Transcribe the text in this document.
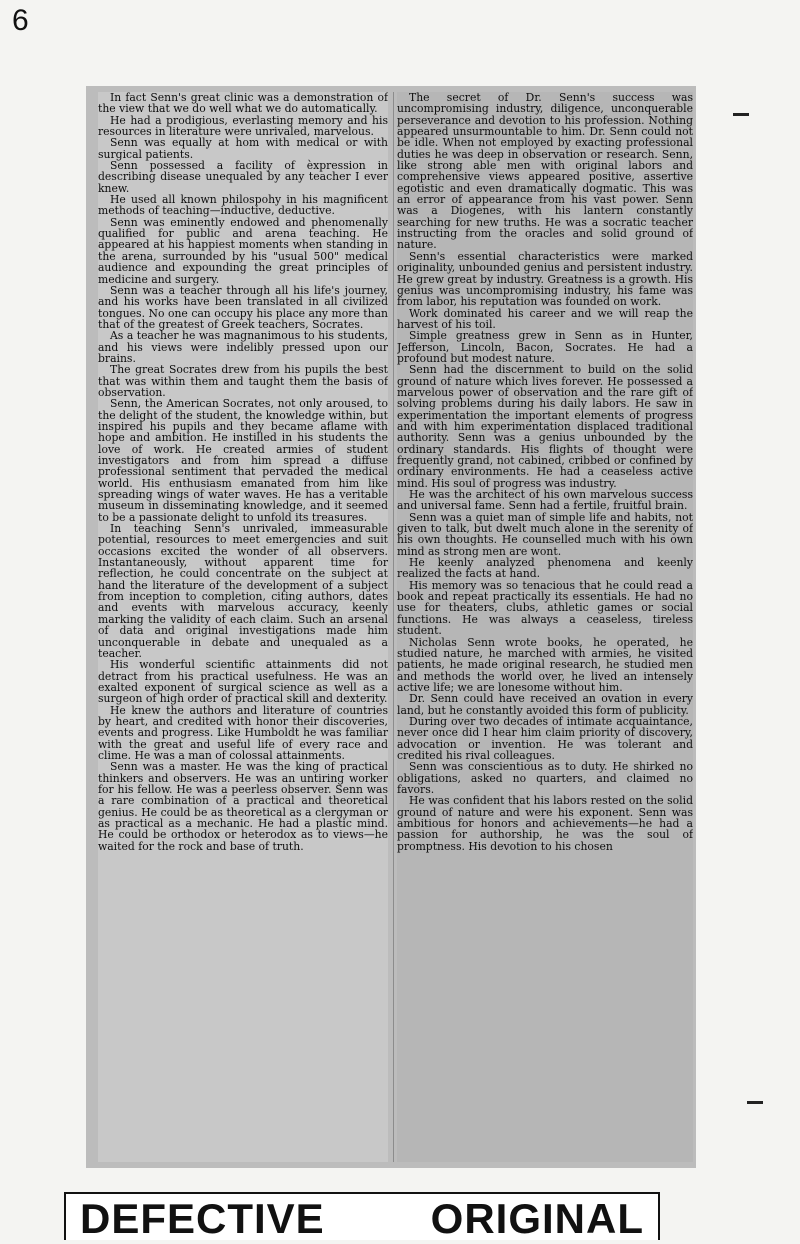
6

In fact Senn's great clinic was a demonstration of the view that we do well what we do automatically.

He had a prodigious, everlasting memory and his resources in literature were unrivaled, marvelous.

Senn was equally at hom with medical or with surgical patients.

Senn possessed a facility of èxpression in describing disease unequaled by any teacher I ever knew.

He used all known philospohy in his magnificent methods of teaching—inductive, deductive.

Senn was eminently endowed and phenomenally qualified for public and arena teaching. He appeared at his happiest moments when standing in the arena, surrounded by his "usual 500" medical audience and expounding the great principles of medicine and surgery.

Senn was a teacher through all his life's journey, and his works have been translated in all civilized tongues. No one can occupy his place any more than that of the greatest of Greek teachers, Socrates.

As a teacher he was magnanimous to his students, and his views were indelibly pressed upon our brains.

The great Socrates drew from his pupils the best that was within them and taught them the basis of observation.

Senn, the American Socrates, not only aroused, to the delight of the student, the knowledge within, but inspired his pupils and they became aflame with hope and ambition. He instilled in his students the love of work. He created armies of student investigators and from him spread a diffuse professional sentiment that pervaded the medical world. His enthusiasm emanated from him like spreading wings of water waves. He has a veritable museum in disseminating knowledge, and it seemed to be a passionate delight to unfold its treasures.

In teaching Senn's unrivaled, immeasurable potential, resources to meet emergencies and suit occasions excited the wonder of all observers. Instantaneously, without apparent time for reflection, he could concentrate on the subject at hand the literature of the development of a subject from inception to completion, citing authors, dates and events with marvelous accuracy, keenly marking the validity of each claim. Such an arsenal of data and original investigations made him unconquerable in debate and unequaled as a teacher.

His wonderful scientific attainments did not detract from his practical usefulness. He was an exalted exponent of surgical science as well as a surgeon of high order of practical skill and dexterity.

He knew the authors and literature of countries by heart, and credited with honor their discoveries, events and progress. Like Humboldt he was familiar with the great and useful life of every race and clime. He was a man of colossal attainments.

Senn was a master. He was the king of practical thinkers and observers. He was an untiring worker for his fellow. He was a peerless observer. Senn was a rare combination of a practical and theoretical genius. He could be as theoretical as a clergyman or as practical as a mechanic. He had a plastic mind. He could be orthodox or heterodox as to views—he waited for the rock and base of truth.

The secret of Dr. Senn's success was uncompromising industry, diligence, unconquerable perseverance and devotion to his profession. Nothing appeared unsurmountable to him. Dr. Senn could not be idle. When not employed by exacting professional duties he was deep in observation or research. Senn, like strong able men with original labors and comprehensive views appeared positive, assertive egotistic and even dramatically dogmatic. This was an error of appearance from his vast power. Senn was a Diogenes, with his lantern constantly searching for new truths. He was a socratic teacher instructing from the oracles and solid ground of nature.

Senn's essential characteristics were marked originality, unbounded genius and persistent industry. He grew great by industry. Greatness is a growth. His genius was uncompromising industry, his fame was from labor, his reputation was founded on work.

Work dominated his career and we will reap the harvest of his toil.

Simple greatness grew in Senn as in Hunter, Jefferson, Lincoln, Bacon, Socrates. He had a profound but modest nature.

Senn had the discernment to build on the solid ground of nature which lives forever. He possessed a marvelous power of observation and the rare gift of solving problems during his daily labors. He saw in experimentation the important elements of progress and with him experimentation displaced traditional authority. Senn was a genius unbounded by the ordinary standards. His flights of thought were frequently grand, not cabined, cribbed or confined by ordinary environments. He had a ceaseless active mind. His soul of progress was industry.

He was the architect of his own marvelous success and universal fame. Senn had a fertile, fruitful brain.

Senn was a quiet man of simple life and habits, not given to talk, but dwelt much alone in the serenity of his own thoughts. He counselled much with his own mind as strong men are wont.

He keenly analyzed phenomena and keenly realized the facts at hand.

His memory was so tenacious that he could read a book and repeat practically its essentials. He had no use for theaters, clubs, athletic games or social functions. He was always a ceaseless, tireless student.

Nicholas Senn wrote books, he operated, he studied nature, he marched with armies, he visited patients, he made original research, he studied men and methods the world over, he lived an intensely active life; we are lonesome without him.

Dr. Senn could have received an ovation in every land, but he constantly avoided this form of publicity.

During over two decades of intimate acquaintance, never once did I hear him claim priority of discovery, advocation or invention. He was tolerant and credited his rival colleagues.

Senn was conscientious as to duty. He shirked no obligations, asked no quarters, and claimed no favors.

He was confident that his labors rested on the solid ground of nature and were his exponent. Senn was ambitious for honors and achievements—he had a passion for authorship, he was the soul of promptness. His devotion to his chosen

DEFECTIVE	ORIGINAL
